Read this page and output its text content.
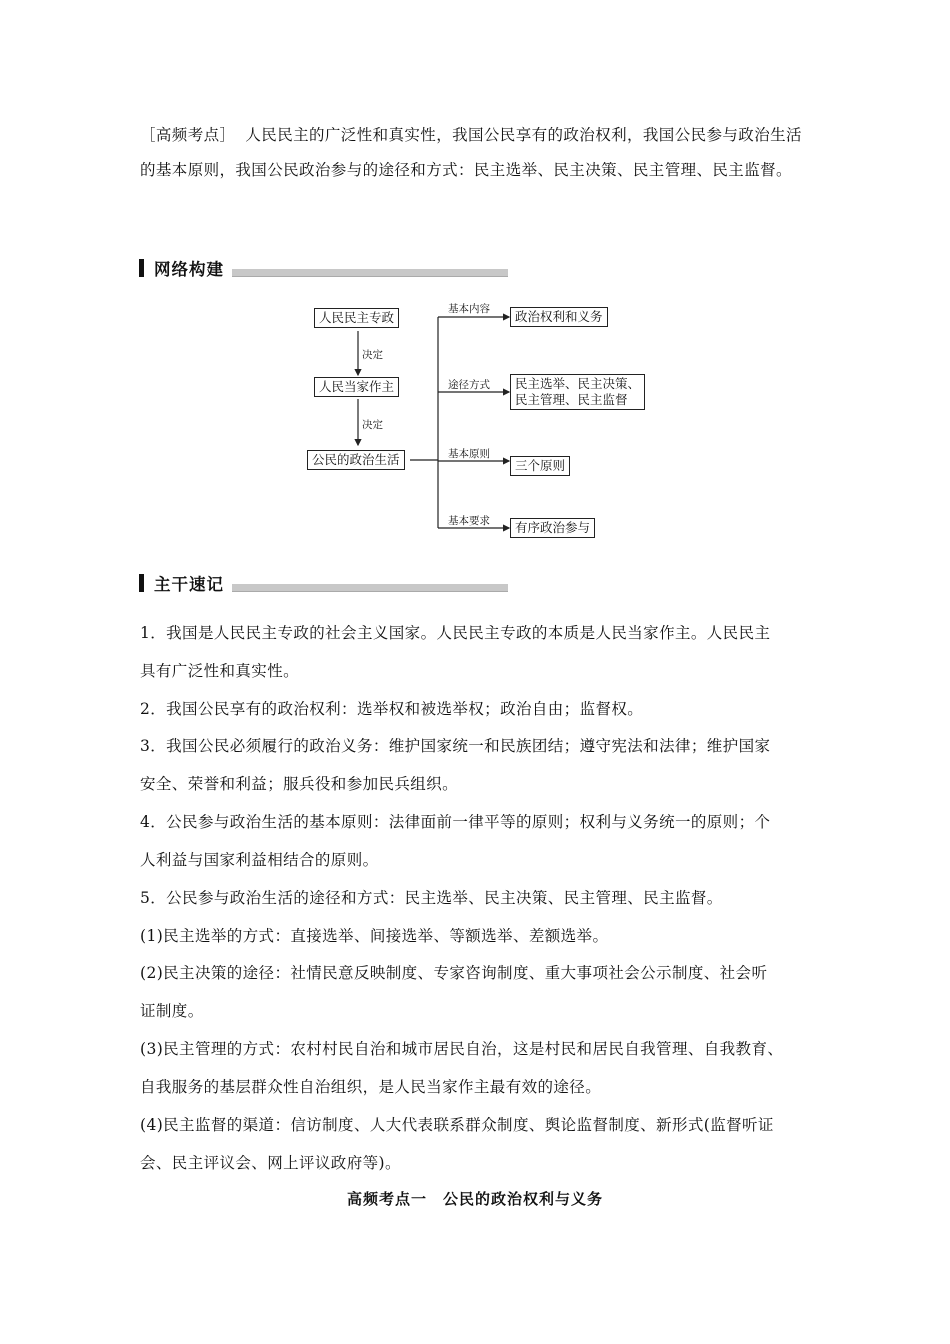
［高频考点］ 人民民主的广泛性和真实性，我国公民享有的政治权利，我国公民参与政治生活的基本原则，我国公民政治参与的途径和方式：民主选举、民主决策、民主管理、民主监督。

网络构建
人民民主专政
决定
人民当家作主
决定
公民的政治生活
基本内容	政治权利和义务
途径方式 民主选举、民主决策、
民主管理、民主监督
基本原则
三个原则
基本要求	有序政治参与
主干速记

1．我国是人民民主专政的社会主义国家。人民民主专政的本质是人民当家作主。人民民主

具有广泛性和真实性。

2．我国公民享有的政治权利：选举权和被选举权；政治自由；监督权。

3．我国公民必须履行的政治义务：维护国家统一和民族团结；遵守宪法和法律；维护国家

安全、荣誉和利益；服兵役和参加民兵组织。

4．公民参与政治生活的基本原则：法律面前一律平等的原则；权利与义务统一的原则；个

人利益与国家利益相结合的原则。

5．公民参与政治生活的途径和方式：民主选举、民主决策、民主管理、民主监督。

(1)民主选举的方式：直接选举、间接选举、等额选举、差额选举。

(2)民主决策的途径：社情民意反映制度、专家咨询制度、重大事项社会公示制度、社会听

证制度。

(3)民主管理的方式：农村村民自治和城市居民自治，这是村民和居民自我管理、自我教育、

自我服务的基层群众性自治组织，是人民当家作主最有效的途径。

(4)民主监督的渠道：信访制度、人大代表联系群众制度、舆论监督制度、新形式(监督听证

会、民主评议会、网上评议政府等)。

高频考点一　公民的政治权利与义务
